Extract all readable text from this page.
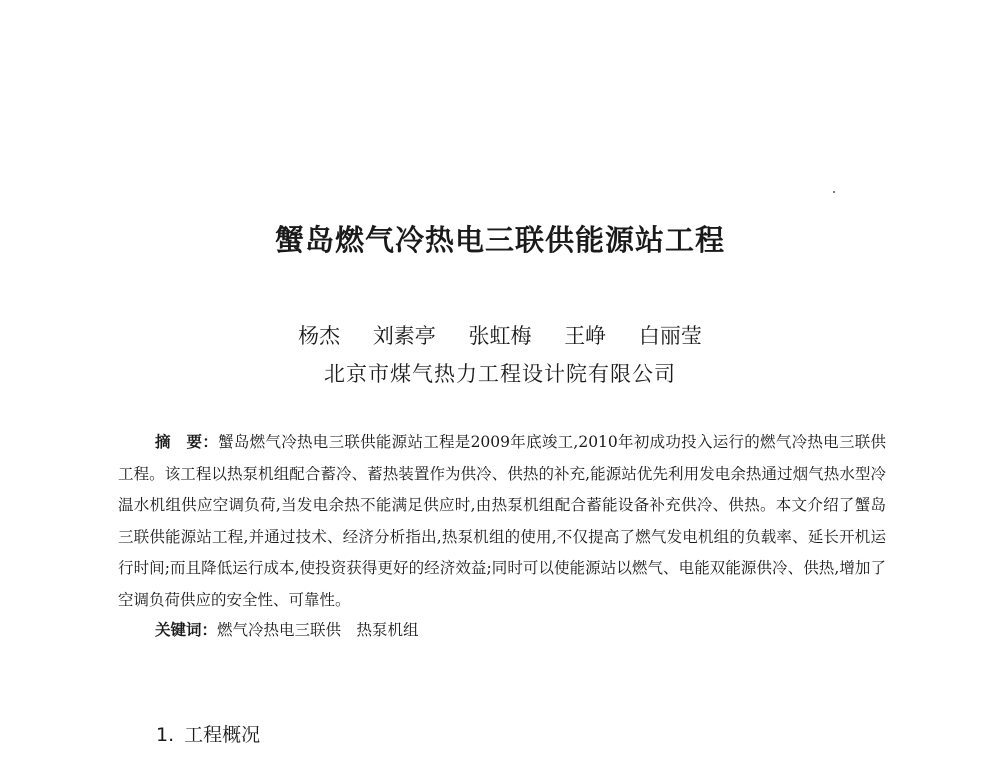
蟹岛燃气冷热电三联供能源站工程
杨杰 刘素亭 张虹梅 王峥 白丽莹
北京市煤气热力工程设计院有限公司
摘　要：蟹岛燃气冷热电三联供能源站工程是2009年底竣工,2010年初成功投入运行的燃气冷热电三联供工程。该工程以热泵机组配合蓄冷、蓄热装置作为供冷、供热的补充,能源站优先利用发电余热通过烟气热水型冷温水机组供应空调负荷,当发电余热不能满足供应时,由热泵机组配合蓄能设备补充供冷、供热。本文介绍了蟹岛三联供能源站工程,并通过技术、经济分析指出,热泵机组的使用,不仅提高了燃气发电机组的负载率、延长开机运行时间;而且降低运行成本,使投资获得更好的经济效益;同时可以使能源站以燃气、电能双能源供冷、供热,增加了空调负荷供应的安全性、可靠性。
关键词：燃气冷热电三联供　热泵机组
1. 工程概况
